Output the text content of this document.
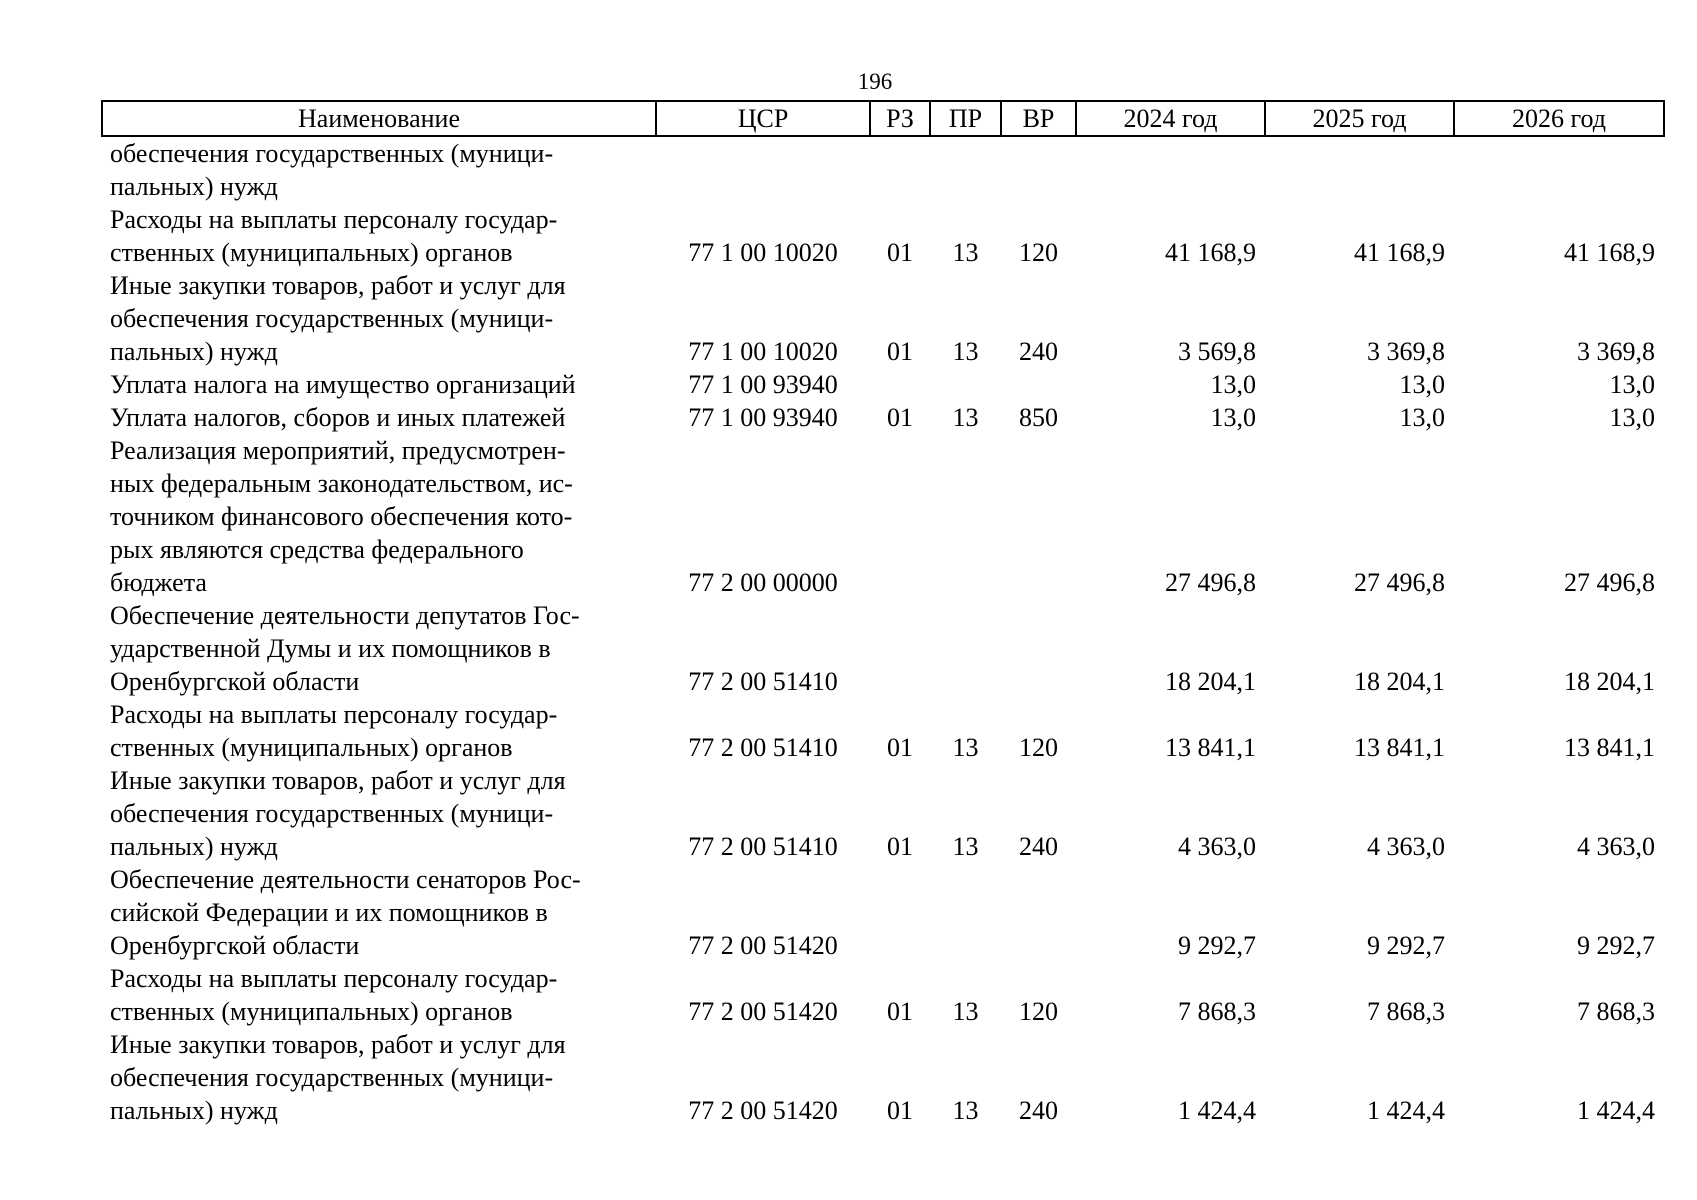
196
Наименование	ЦСР	РЗ	ПР	ВР	2024 год	2025 год	2026 год
обеспечения государственных (муници-
пальных) нужд							
Расходы на выплаты персоналу государ-
ственных (муниципальных) органов	77 1 00 10020	01	13	120	41 168,9	41 168,9	41 168,9
Иные закупки товаров, работ и услуг для
обеспечения государственных (муници-
пальных) нужд	77 1 00 10020	01	13	240	3 569,8	3 369,8	3 369,8
Уплата налога на имущество организаций	77 1 00 93940				13,0	13,0	13,0
Уплата налогов, сборов и иных платежей	77 1 00 93940	01	13	850	13,0	13,0	13,0
Реализация мероприятий, предусмотрен-
ных федеральным законодательством, ис-
точником финансового обеспечения кото-
рых являются средства федерального
бюджета	77 2 00 00000				27 496,8	27 496,8	27 496,8
Обеспечение деятельности депутатов Гос-
ударственной Думы и их помощников в
Оренбургской области	77 2 00 51410				18 204,1	18 204,1	18 204,1
Расходы на выплаты персоналу государ-
ственных (муниципальных) органов	77 2 00 51410	01	13	120	13 841,1	13 841,1	13 841,1
Иные закупки товаров, работ и услуг для
обеспечения государственных (муници-
пальных) нужд	77 2 00 51410	01	13	240	4 363,0	4 363,0	4 363,0
Обеспечение деятельности сенаторов Рос-
сийской Федерации и их помощников в
Оренбургской области	77 2 00 51420				9 292,7	9 292,7	9 292,7
Расходы на выплаты персоналу государ-
ственных (муниципальных) органов	77 2 00 51420	01	13	120	7 868,3	7 868,3	7 868,3
Иные закупки товаров, работ и услуг для
обеспечения государственных (муници-
пальных) нужд	77 2 00 51420	01	13	240	1 424,4	1 424,4	1 424,4
